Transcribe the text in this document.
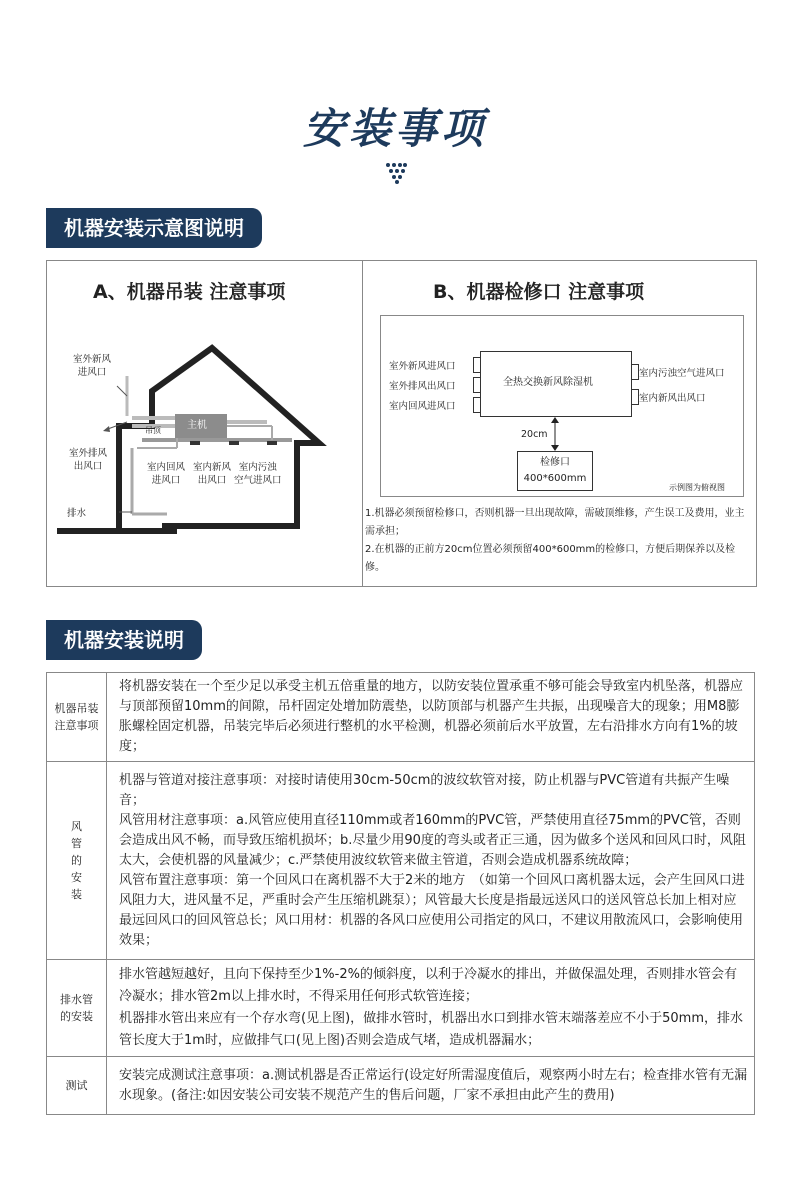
安装事项
机器安装示意图说明
A、机器吊装 注意事项
室外新风
进风口
室外排风
出风口
主机
吊顶
室内回风
进风口
室内新风
出风口
室内污浊
空气进风口
排水
B、机器检修口 注意事项
全热交换新风除湿机
室外新风进风口
室外排风出风口
室内回风进风口
室内污浊空气进风口
室内新风出风口
20cm
检修口
400*600mm
示例图为俯视图
1.机器必须预留检修口，否则机器一旦出现故障，需破顶维修，产生误工及费用，业主需承担；
2.在机器的正前方20cm位置必须预留400*600mm的检修口，方便后期保养以及检修。
机器安装说明
机器吊装
注意事项	将机器安装在一个至少足以承受主机五倍重量的地方，以防安装位置承重不够可能会导致室内机坠落，机器应与顶部预留10mm的间隙，吊杆固定处增加防震垫，以防顶部与机器产生共振，出现噪音大的现象；用M8膨胀螺栓固定机器，吊装完毕后必须进行整机的水平检测，机器必须前后水平放置，左右沿排水方向有1%的坡度；
风管的安装	机器与管道对接注意事项：对接时请使用30cm-50cm的波纹软管对接，防止机器与PVC管道有共振产生噪音；
风管用材注意事项：a.风管应使用直径110mm或者160mm的PVC管，严禁使用直径75mm的PVC管，否则会造成出风不畅，而导致压缩机损坏；b.尽量少用90度的弯头或者正三通，因为做多个送风和回风口时，风阻太大，会使机器的风量减少；c.严禁使用波纹软管来做主管道，否则会造成机器系统故障；
风管布置注意事项：第一个回风口在离机器不大于2米的地方　（如第一个回风口离机器太远，会产生回风口进风阻力大，进风量不足，严重时会产生压缩机跳泵）；风管最大长度是指最远送风口的送风管总长加上相对应最远回风口的回风管总长；风口用材：机器的各风口应使用公司指定的风口，不建议用散流风口，会影响使用效果；
排水管
的安装	排水管越短越好，且向下保持至少1%-2%的倾斜度，以利于冷凝水的排出，并做保温处理，否则排水管会有冷凝水；排水管2m以上排水时，不得采用任何形式软管连接；
机器排水管出来应有一个存水弯(见上图)，做排水管时，机器出水口到排水管末端落差应不小于50mm，排水管长度大于1m时，应做排气口(见上图)否则会造成气堵，造成机器漏水；
测试	安装完成测试注意事项：a.测试机器是否正常运行(设定好所需湿度值后，观察两小时左右；检查排水管有无漏水现象。(备注:如因安装公司安装不规范产生的售后问题，厂家不承担由此产生的费用)
